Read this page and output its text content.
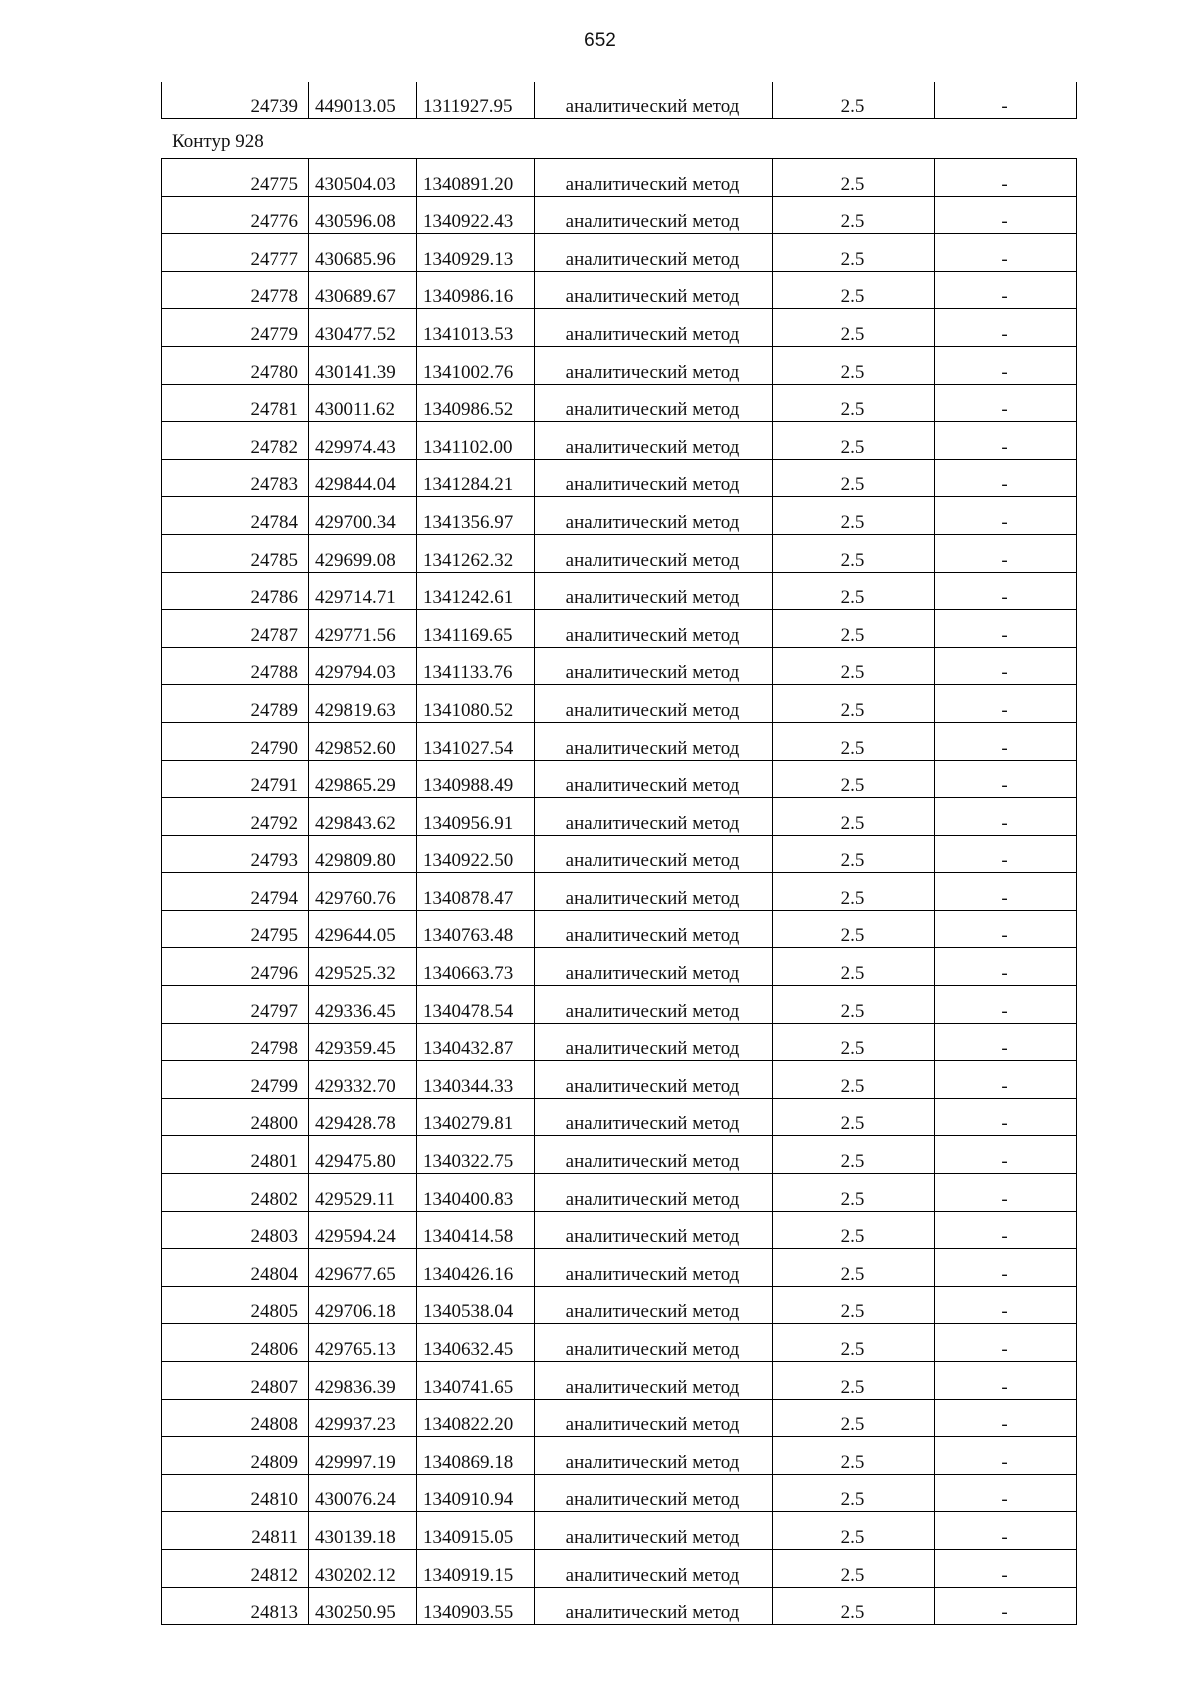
652
24739	449013.05	1311927.95	аналитический метод	2.5	-
Контур 928
24775	430504.03	1340891.20	аналитический метод	2.5	-
24776	430596.08	1340922.43	аналитический метод	2.5	-
24777	430685.96	1340929.13	аналитический метод	2.5	-
24778	430689.67	1340986.16	аналитический метод	2.5	-
24779	430477.52	1341013.53	аналитический метод	2.5	-
24780	430141.39	1341002.76	аналитический метод	2.5	-
24781	430011.62	1340986.52	аналитический метод	2.5	-
24782	429974.43	1341102.00	аналитический метод	2.5	-
24783	429844.04	1341284.21	аналитический метод	2.5	-
24784	429700.34	1341356.97	аналитический метод	2.5	-
24785	429699.08	1341262.32	аналитический метод	2.5	-
24786	429714.71	1341242.61	аналитический метод	2.5	-
24787	429771.56	1341169.65	аналитический метод	2.5	-
24788	429794.03	1341133.76	аналитический метод	2.5	-
24789	429819.63	1341080.52	аналитический метод	2.5	-
24790	429852.60	1341027.54	аналитический метод	2.5	-
24791	429865.29	1340988.49	аналитический метод	2.5	-
24792	429843.62	1340956.91	аналитический метод	2.5	-
24793	429809.80	1340922.50	аналитический метод	2.5	-
24794	429760.76	1340878.47	аналитический метод	2.5	-
24795	429644.05	1340763.48	аналитический метод	2.5	-
24796	429525.32	1340663.73	аналитический метод	2.5	-
24797	429336.45	1340478.54	аналитический метод	2.5	-
24798	429359.45	1340432.87	аналитический метод	2.5	-
24799	429332.70	1340344.33	аналитический метод	2.5	-
24800	429428.78	1340279.81	аналитический метод	2.5	-
24801	429475.80	1340322.75	аналитический метод	2.5	-
24802	429529.11	1340400.83	аналитический метод	2.5	-
24803	429594.24	1340414.58	аналитический метод	2.5	-
24804	429677.65	1340426.16	аналитический метод	2.5	-
24805	429706.18	1340538.04	аналитический метод	2.5	-
24806	429765.13	1340632.45	аналитический метод	2.5	-
24807	429836.39	1340741.65	аналитический метод	2.5	-
24808	429937.23	1340822.20	аналитический метод	2.5	-
24809	429997.19	1340869.18	аналитический метод	2.5	-
24810	430076.24	1340910.94	аналитический метод	2.5	-
24811	430139.18	1340915.05	аналитический метод	2.5	-
24812	430202.12	1340919.15	аналитический метод	2.5	-
24813	430250.95	1340903.55	аналитический метод	2.5	-
